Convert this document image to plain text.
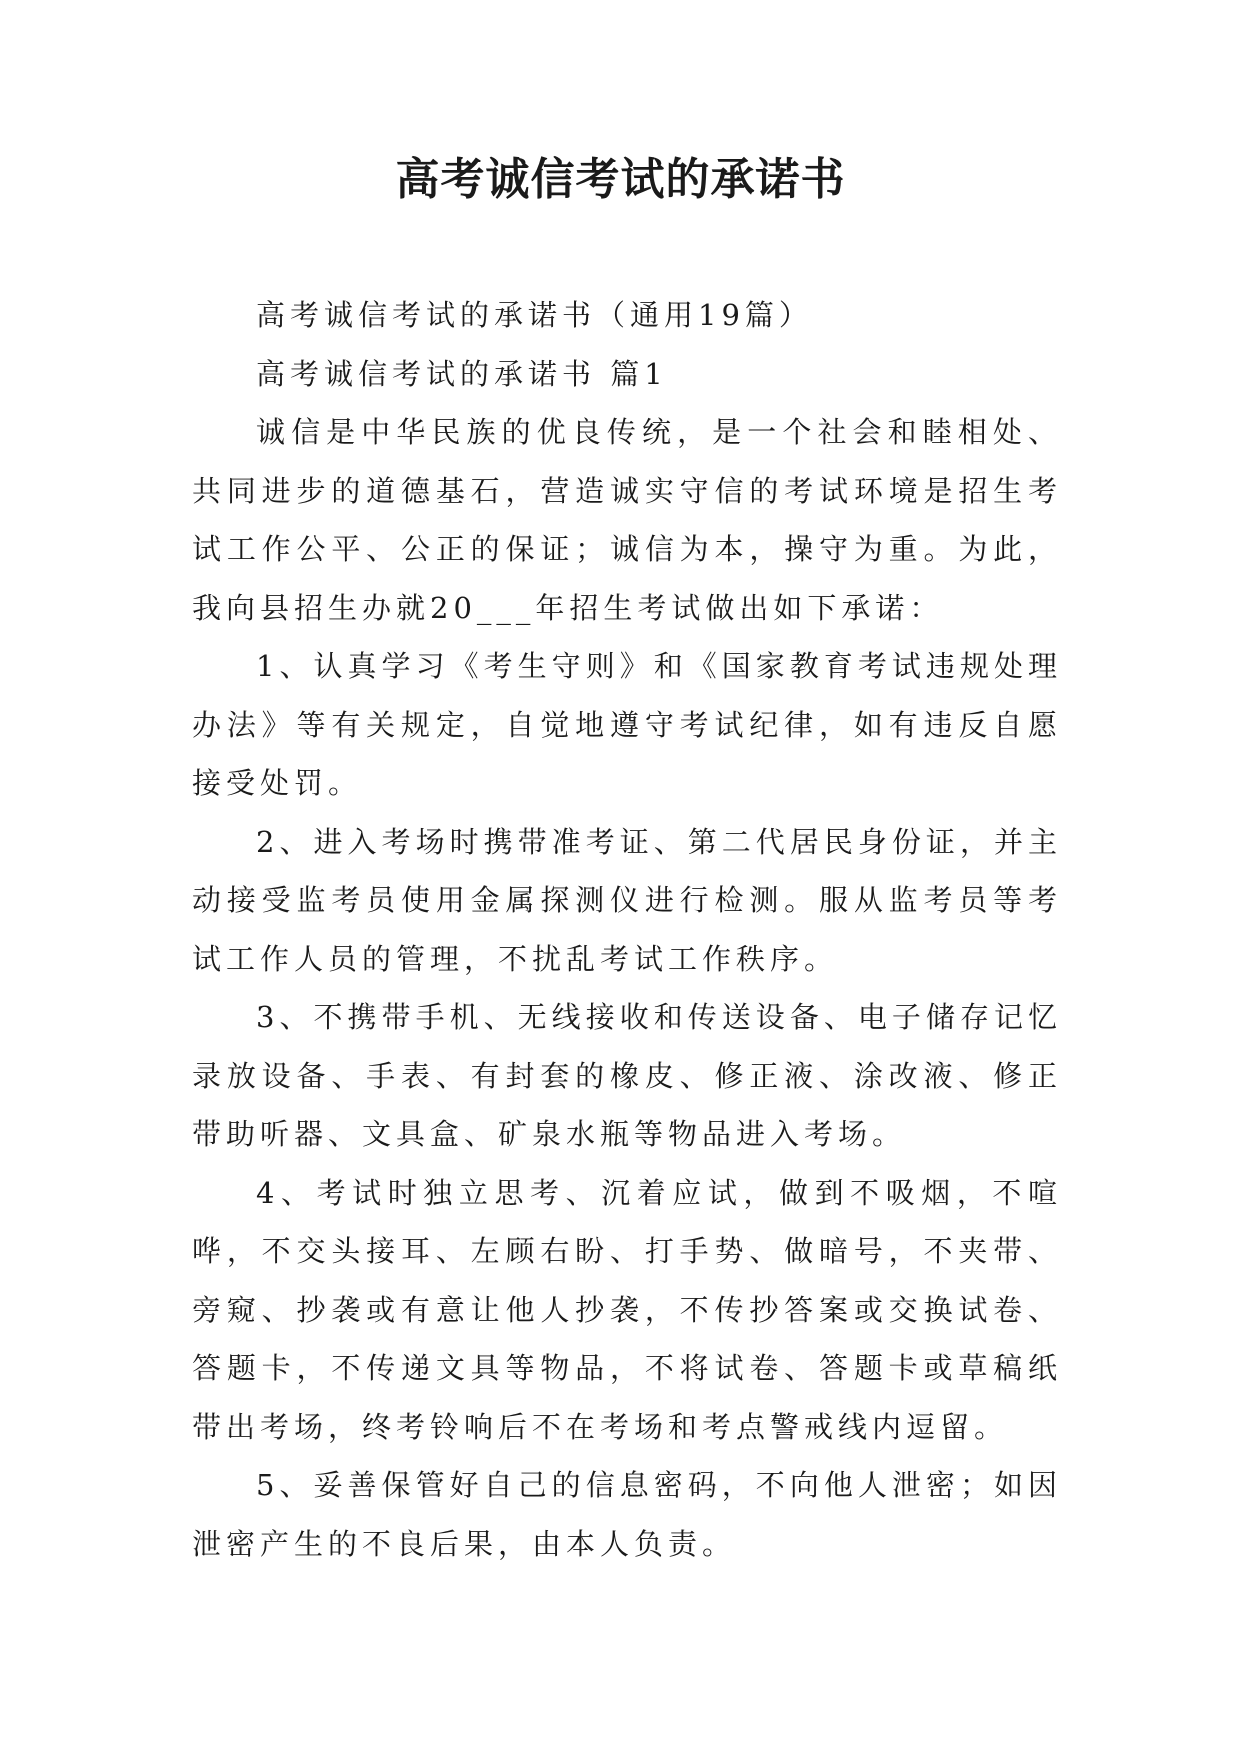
高考诚信考试的承诺书

高考诚信考试的承诺书（通用19篇）

高考诚信考试的承诺书 篇1

诚信是中华民族的优良传统，是一个社会和睦相处、共同进步的道德基石，营造诚实守信的考试环境是招生考试工作公平、公正的保证；诚信为本，操守为重。为此，我向县招生办就20___年招生考试做出如下承诺：

1、认真学习《考生守则》和《国家教育考试违规处理办法》等有关规定，自觉地遵守考试纪律，如有违反自愿接受处罚。

2、进入考场时携带准考证、第二代居民身份证，并主动接受监考员使用金属探测仪进行检测。服从监考员等考试工作人员的管理，不扰乱考试工作秩序。

3、不携带手机、无线接收和传送设备、电子储存记忆录放设备、手表、有封套的橡皮、修正液、涂改液、修正带助听器、文具盒、矿泉水瓶等物品进入考场。

4、考试时独立思考、沉着应试，做到不吸烟，不喧哗，不交头接耳、左顾右盼、打手势、做暗号，不夹带、旁窥、抄袭或有意让他人抄袭，不传抄答案或交换试卷、答题卡，不传递文具等物品，不将试卷、答题卡或草稿纸带出考场，终考铃响后不在考场和考点警戒线内逗留。

5、妥善保管好自己的信息密码，不向他人泄密；如因泄密产生的不良后果，由本人负责。
